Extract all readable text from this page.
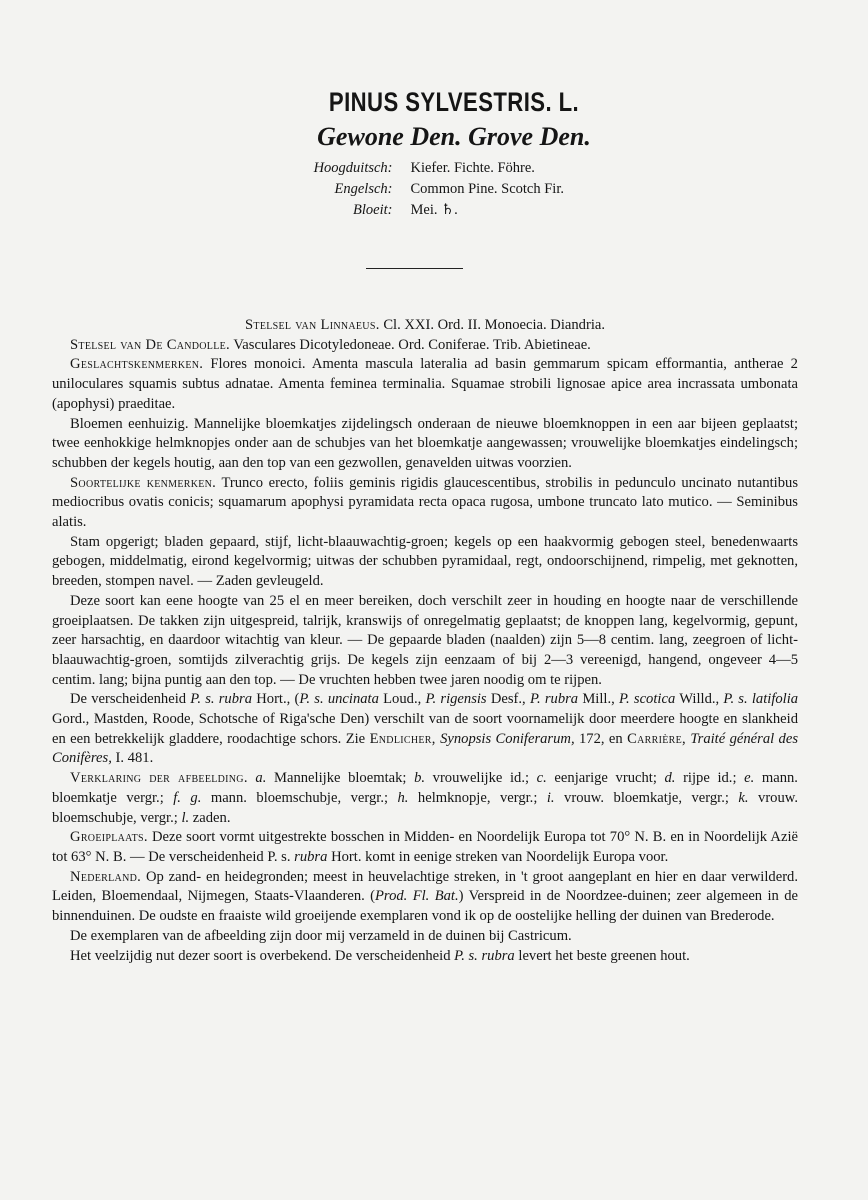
PINUS SYLVESTRIS. L.
Gewone Den. Grove Den.
Hoogduitsch: Kiefer. Fichte. Föhre.
Engelsch: Common Pine. Scotch Fir.
Bloeit: Mei. ♄.

Stelsel van Linnaeus. Cl. XXI. Ord. II. Monoecia. Diandria.

Stelsel van De Candolle. Vasculares Dicotyledoneae. Ord. Coniferae. Trib. Abietineae.

Geslachtskenmerken. Flores monoici. Amenta mascula lateralia ad basin gemmarum spicam efformantia, antherae 2 uniloculares squamis subtus adnatae. Amenta feminea terminalia. Squamae strobili lignosae apice area incrassata umbonata (apophysi) praeditae.

Bloemen eenhuizig. Mannelijke bloemkatjes zijdelingsch onderaan de nieuwe bloemknoppen in een aar bijeen geplaatst; twee eenhokkige helmknopjes onder aan de schubjes van het bloemkatje aangewassen; vrouwelijke bloemkatjes eindelingsch; schubben der kegels houtig, aan den top van een gezwollen, genavelden uitwas voorzien.

Soortelijke kenmerken. Trunco erecto, foliis geminis rigidis glaucescentibus, strobilis in pedunculo uncinato nutantibus mediocribus ovatis conicis; squamarum apophysi pyramidata recta opaca rugosa, umbone truncato lato mutico. — Seminibus alatis.

Stam opgerigt; bladen gepaard, stijf, licht-blaauwachtig-groen; kegels op een haakvormig gebogen steel, benedenwaarts gebogen, middelmatig, eirond kegelvormig; uitwas der schubben pyramidaal, regt, ondoorschijnend, rimpelig, met geknotten, breeden, stompen navel. — Zaden gevleugeld.

Deze soort kan eene hoogte van 25 el en meer bereiken, doch verschilt zeer in houding en hoogte naar de verschillende groeiplaatsen. De takken zijn uitgespreid, talrijk, kranswijs of onregelmatig geplaatst; de knoppen lang, kegelvormig, gepunt, zeer harsachtig, en daardoor witachtig van kleur. — De gepaarde bladen (naalden) zijn 5—8 centim. lang, zeegroen of licht-blaauwachtig-groen, somtijds zilverachtig grijs. De kegels zijn eenzaam of bij 2—3 vereenigd, hangend, ongeveer 4—5 centim. lang; bijna puntig aan den top. — De vruchten hebben twee jaren noodig om te rijpen.

De verscheidenheid P. s. rubra Hort., (P. s. uncinata Loud., P. rigensis Desf., P. rubra Mill., P. scotica Willd., P. s. latifolia Gord., Mastden, Roode, Schotsche of Riga'sche Den) verschilt van de soort voornamelijk door meerdere hoogte en slankheid en een betrekkelijk gladdere, roodachtige schors. Zie Endlicher, Synopsis Coniferarum, 172, en Carrière, Traité général des Conifères, I. 481.

Verklaring der afbeelding. a. Mannelijke bloemtak; b. vrouwelijke id.; c. eenjarige vrucht; d. rijpe id.; e. mann. bloemkatje vergr.; f. g. mann. bloemschubje, vergr.; h. helmknopje, vergr.; i. vrouw. bloemkatje, vergr.; k. vrouw. bloemschubje, vergr.; l. zaden.

Groeiplaats. Deze soort vormt uitgestrekte bosschen in Midden- en Noordelijk Europa tot 70° N. B. en in Noordelijk Azië tot 63° N. B. — De verscheidenheid P. s. rubra Hort. komt in eenige streken van Noordelijk Europa voor.

Nederland. Op zand- en heidegronden; meest in heuvelachtige streken, in 't groot aangeplant en hier en daar verwilderd. Leiden, Bloemendaal, Nijmegen, Staats-Vlaanderen. (Prod. Fl. Bat.) Verspreid in de Noordzee-duinen; zeer algemeen in de binnenduinen. De oudste en fraaiste wild groeijende exemplaren vond ik op de oostelijke helling der duinen van Brederode.

De exemplaren van de afbeelding zijn door mij verzameld in de duinen bij Castricum.

Het veelzijdig nut dezer soort is overbekend. De verscheidenheid P. s. rubra levert het beste greenen hout.
